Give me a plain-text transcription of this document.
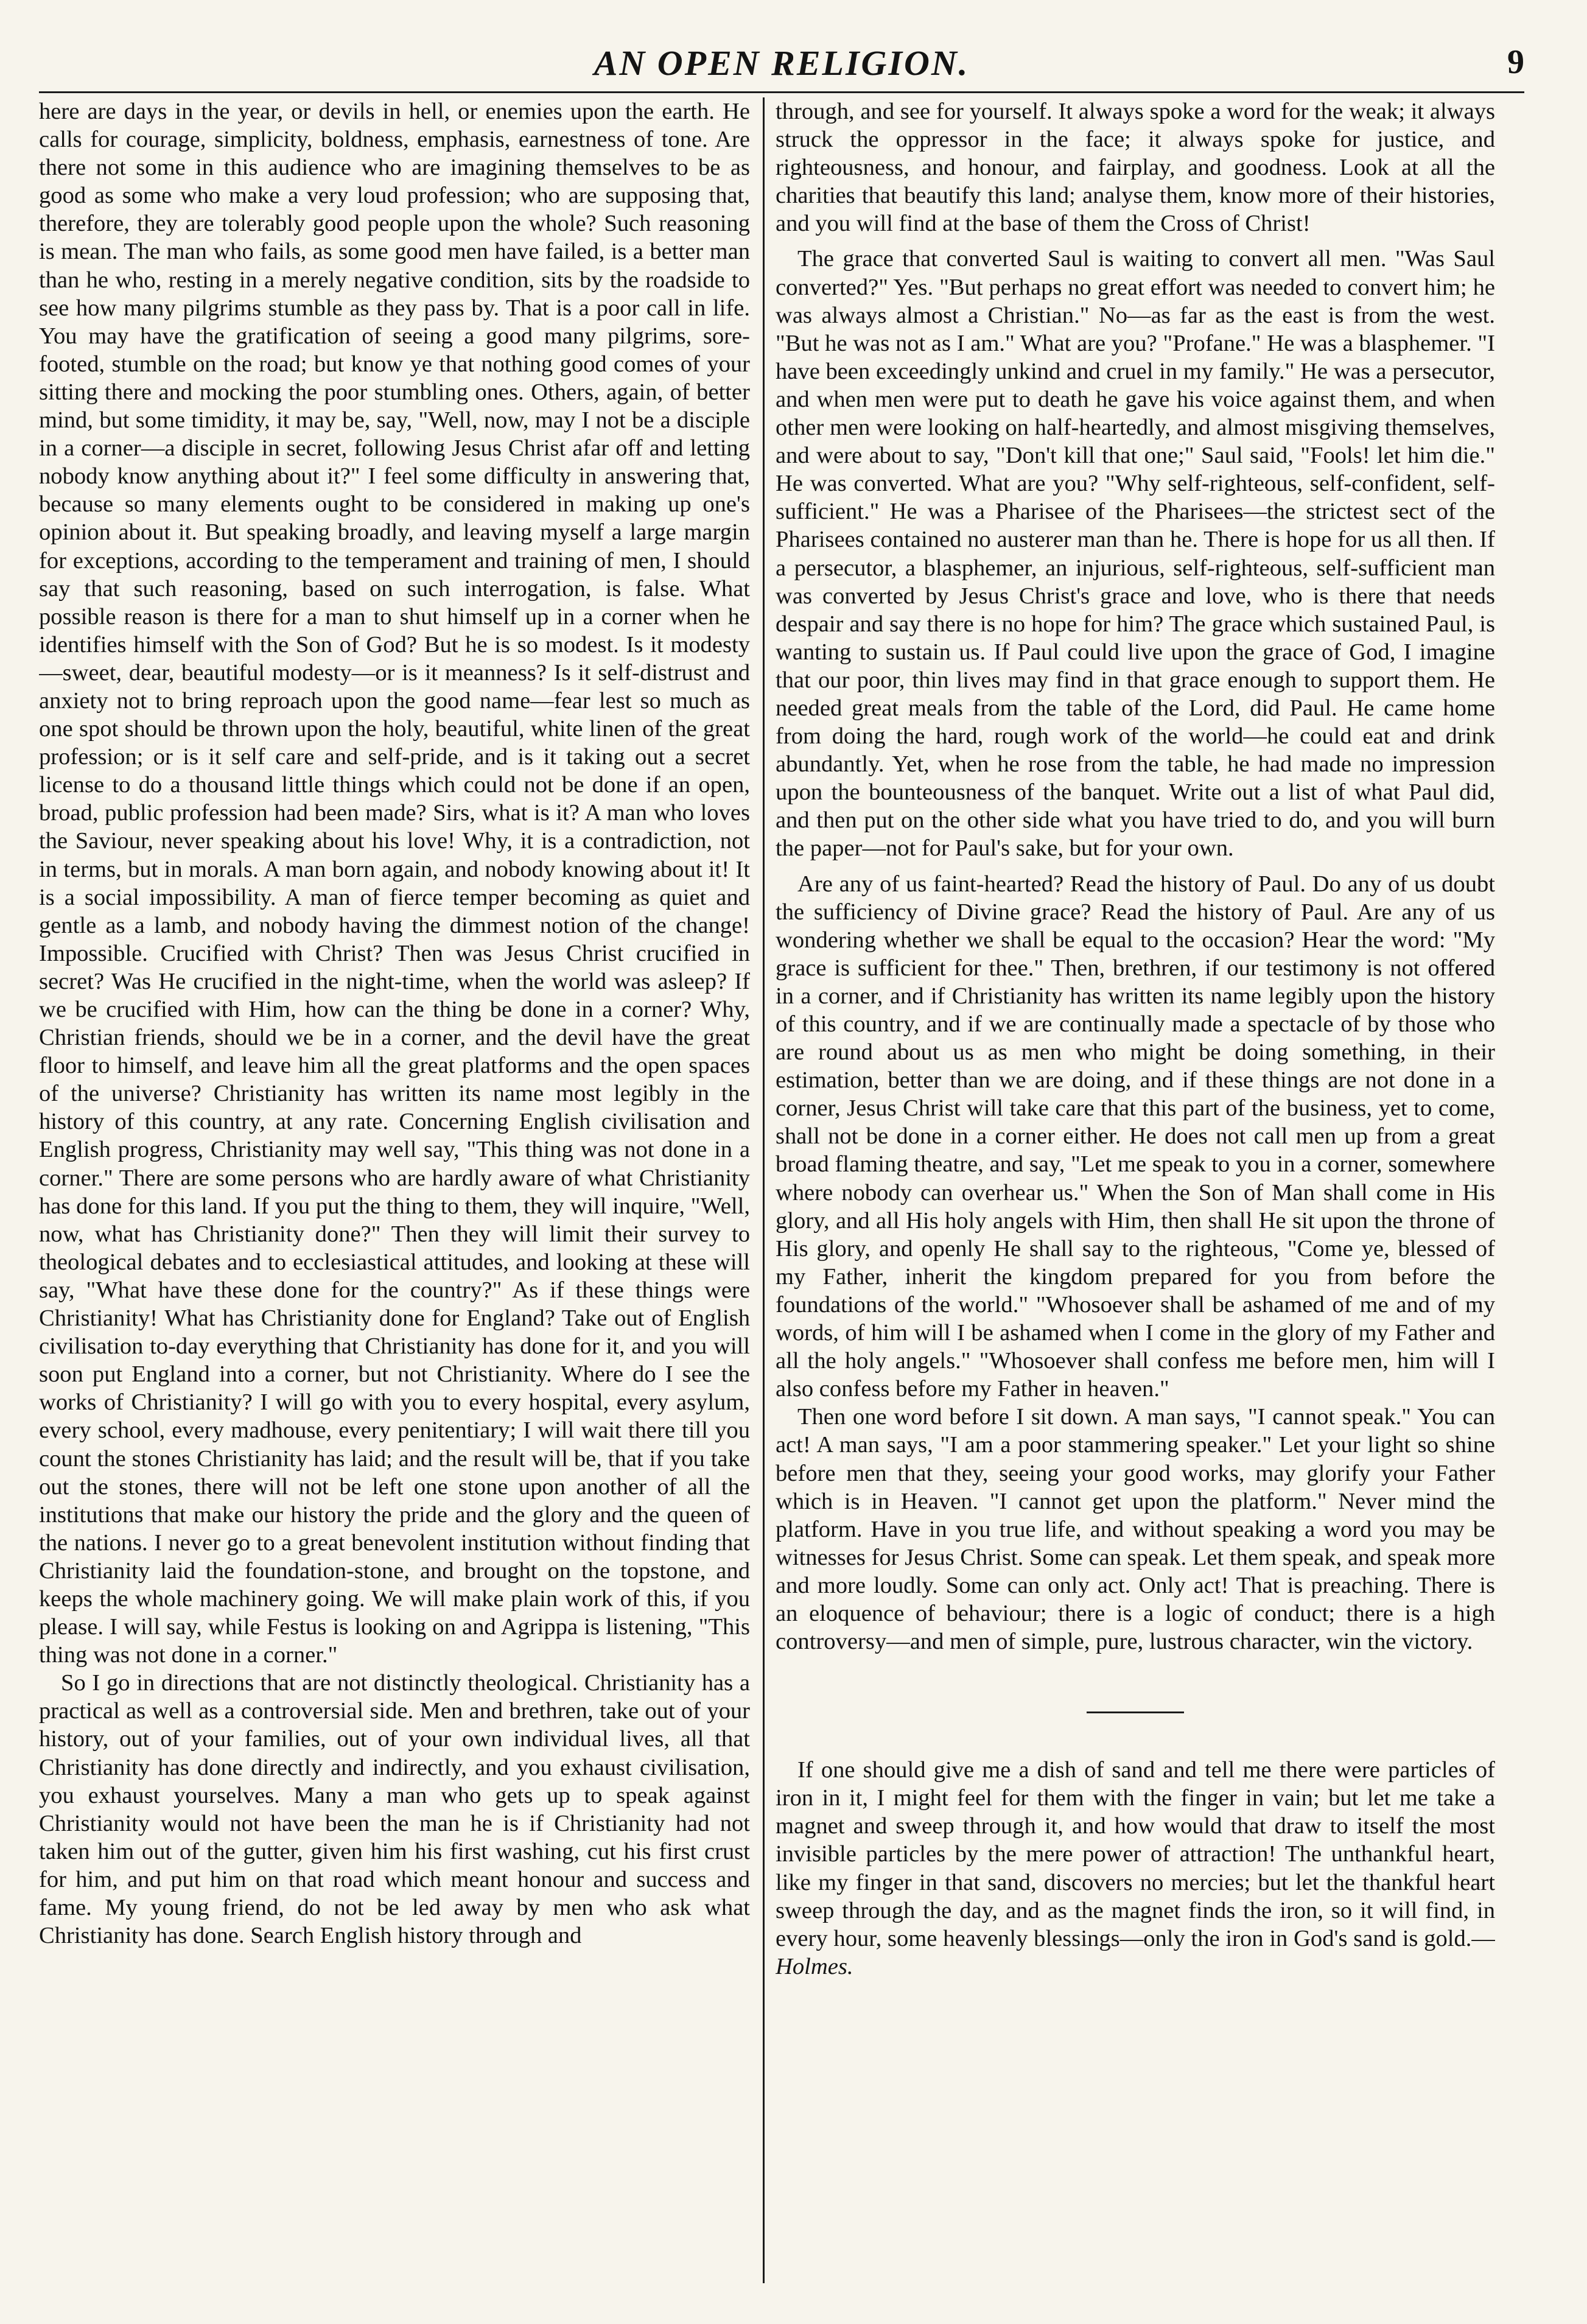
AN OPEN RELIGION.	9

here are days in the year, or devils in hell, or enemies upon the earth. He calls for courage, simplicity, boldness, emphasis, earnestness of tone. Are there not some in this audience who are imagining themselves to be as good as some who make a very loud profession; who are supposing that, therefore, they are tolerably good people upon the whole? Such reasoning is mean. The man who fails, as some good men have failed, is a better man than he who, resting in a merely negative condition, sits by the roadside to see how many pilgrims stumble as they pass by. That is a poor call in life. You may have the gratification of seeing a good many pilgrims, sore-footed, stumble on the road; but know ye that nothing good comes of your sitting there and mocking the poor stumbling ones. Others, again, of better mind, but some timidity, it may be, say, "Well, now, may I not be a disciple in a corner—a disciple in secret, following Jesus Christ afar off and letting nobody know anything about it?" I feel some difficulty in answering that, because so many elements ought to be considered in making up one's opinion about it. But speaking broadly, and leaving myself a large margin for exceptions, according to the temperament and training of men, I should say that such reasoning, based on such interrogation, is false. What possible reason is there for a man to shut himself up in a corner when he identifies himself with the Son of God? But he is so modest. Is it modesty—sweet, dear, beautiful modesty—or is it meanness? Is it self-distrust and anxiety not to bring reproach upon the good name—fear lest so much as one spot should be thrown upon the holy, beautiful, white linen of the great profession; or is it self care and self-pride, and is it taking out a secret license to do a thousand little things which could not be done if an open, broad, public profession had been made? Sirs, what is it? A man who loves the Saviour, never speaking about his love! Why, it is a contradiction, not in terms, but in morals. A man born again, and nobody knowing about it! It is a social impossibility. A man of fierce temper becoming as quiet and gentle as a lamb, and nobody having the dimmest notion of the change! Impossible. Crucified with Christ? Then was Jesus Christ crucified in secret? Was He crucified in the night-time, when the world was asleep? If we be crucified with Him, how can the thing be done in a corner? Why, Christian friends, should we be in a corner, and the devil have the great floor to himself, and leave him all the great platforms and the open spaces of the universe? Christianity has written its name most legibly in the history of this country, at any rate. Concerning English civilisation and English progress, Christianity may well say, "This thing was not done in a corner." There are some persons who are hardly aware of what Christianity has done for this land. If you put the thing to them, they will inquire, "Well, now, what has Christianity done?" Then they will limit their survey to theological debates and to ecclesiastical attitudes, and looking at these will say, "What have these done for the country?" As if these things were Christianity! What has Christianity done for England? Take out of English civilisation to-day everything that Christianity has done for it, and you will soon put England into a corner, but not Christianity. Where do I see the works of Christianity? I will go with you to every hospital, every asylum, every school, every madhouse, every penitentiary; I will wait there till you count the stones Christianity has laid; and the result will be, that if you take out the stones, there will not be left one stone upon another of all the institutions that make our history the pride and the glory and the queen of the nations. I never go to a great benevolent institution without finding that Christianity laid the foundation-stone, and brought on the topstone, and keeps the whole machinery going. We will make plain work of this, if you please. I will say, while Festus is looking on and Agrippa is listening, "This thing was not done in a corner."

So I go in directions that are not distinctly theological. Christianity has a practical as well as a controversial side. Men and brethren, take out of your history, out of your families, out of your own individual lives, all that Christianity has done directly and indirectly, and you exhaust civilisation, you exhaust yourselves. Many a man who gets up to speak against Christianity would not have been the man he is if Christianity had not taken him out of the gutter, given him his first washing, cut his first crust for him, and put him on that road which meant honour and success and fame. My young friend, do not be led away by men who ask what Christianity has done. Search English history through and

through, and see for yourself. It always spoke a word for the weak; it always struck the oppressor in the face; it always spoke for justice, and righteousness, and honour, and fairplay, and goodness. Look at all the charities that beautify this land; analyse them, know more of their histories, and you will find at the base of them the Cross of Christ!

The grace that converted Saul is waiting to convert all men. "Was Saul converted?" Yes. "But perhaps no great effort was needed to convert him; he was always almost a Christian." No—as far as the east is from the west. "But he was not as I am." What are you? "Profane." He was a blasphemer. "I have been exceedingly unkind and cruel in my family." He was a persecutor, and when men were put to death he gave his voice against them, and when other men were looking on half-heartedly, and almost misgiving themselves, and were about to say, "Don't kill that one;" Saul said, "Fools! let him die." He was converted. What are you? "Why self-righteous, self-confident, self-sufficient." He was a Pharisee of the Pharisees—the strictest sect of the Pharisees contained no austerer man than he. There is hope for us all then. If a persecutor, a blasphemer, an injurious, self-righteous, self-sufficient man was converted by Jesus Christ's grace and love, who is there that needs despair and say there is no hope for him? The grace which sustained Paul, is wanting to sustain us. If Paul could live upon the grace of God, I imagine that our poor, thin lives may find in that grace enough to support them. He needed great meals from the table of the Lord, did Paul. He came home from doing the hard, rough work of the world—he could eat and drink abundantly. Yet, when he rose from the table, he had made no impression upon the bounteousness of the banquet. Write out a list of what Paul did, and then put on the other side what you have tried to do, and you will burn the paper—not for Paul's sake, but for your own.

Are any of us faint-hearted? Read the history of Paul. Do any of us doubt the sufficiency of Divine grace? Read the history of Paul. Are any of us wondering whether we shall be equal to the occasion? Hear the word: "My grace is sufficient for thee." Then, brethren, if our testimony is not offered in a corner, and if Christianity has written its name legibly upon the history of this country, and if we are continually made a spectacle of by those who are round about us as men who might be doing something, in their estimation, better than we are doing, and if these things are not done in a corner, Jesus Christ will take care that this part of the business, yet to come, shall not be done in a corner either. He does not call men up from a great broad flaming theatre, and say, "Let me speak to you in a corner, somewhere where nobody can overhear us." When the Son of Man shall come in His glory, and all His holy angels with Him, then shall He sit upon the throne of His glory, and openly He shall say to the righteous, "Come ye, blessed of my Father, inherit the kingdom prepared for you from before the foundations of the world." "Whosoever shall be ashamed of me and of my words, of him will I be ashamed when I come in the glory of my Father and all the holy angels." "Whosoever shall confess me before men, him will I also confess before my Father in heaven."

Then one word before I sit down. A man says, "I cannot speak." You can act! A man says, "I am a poor stammering speaker." Let your light so shine before men that they, seeing your good works, may glorify your Father which is in Heaven. "I cannot get upon the platform." Never mind the platform. Have in you true life, and without speaking a word you may be witnesses for Jesus Christ. Some can speak. Let them speak, and speak more and more loudly. Some can only act. Only act! That is preaching. There is an eloquence of behaviour; there is a logic of conduct; there is a high controversy—and men of simple, pure, lustrous character, win the victory.

If one should give me a dish of sand and tell me there were particles of iron in it, I might feel for them with the finger in vain; but let me take a magnet and sweep through it, and how would that draw to itself the most invisible particles by the mere power of attraction! The unthankful heart, like my finger in that sand, discovers no mercies; but let the thankful heart sweep through the day, and as the magnet finds the iron, so it will find, in every hour, some heavenly blessings—only the iron in God's sand is gold.—Holmes.
